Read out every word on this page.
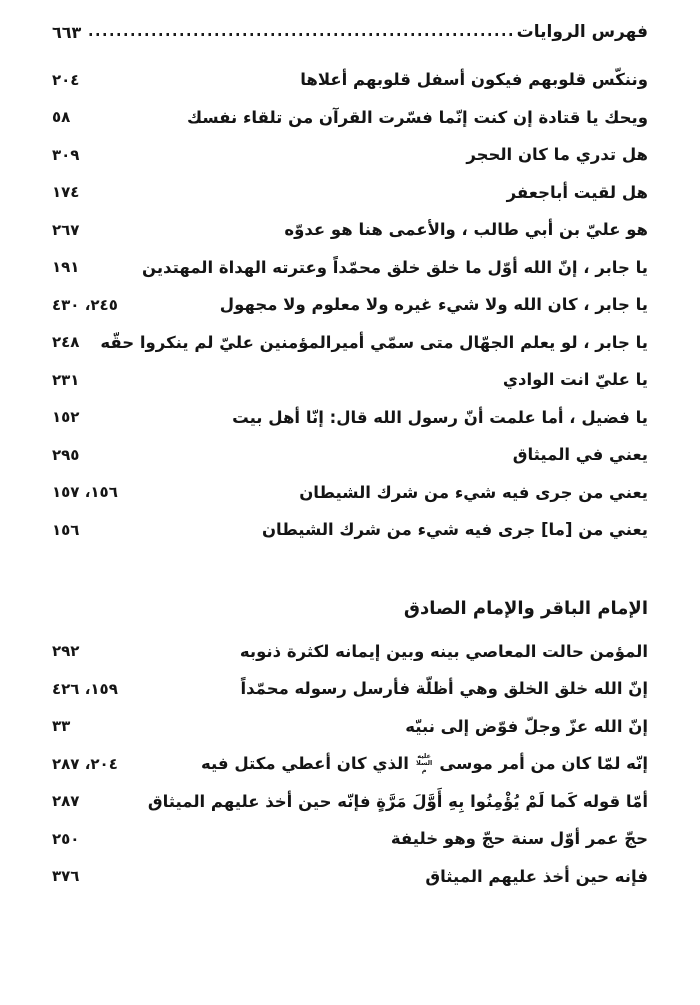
فهرس الروايات
٦٦٣
وننكّس قلوبهم فيكون أسفل قلوبهم أعلاها
٢٠٤
ويحك يا قتادة إن كنت إنّما فسّرت القرآن من تلقاء نفسك
٥٨
هل تدري ما كان الحجر
٣٠٩
هل لقيت أباجعفر
١٧٤
هو عليّ بن أبي طالب ، والأعمى هنا هو عدوّه
٢٦٧
يا جابر ، إنّ الله أوّل ما خلق خلق محمّداً وعترته الهداة المهتدين
١٩١
يا جابر ، كان الله ولا شيء غيره ولا معلوم ولا مجهول
٢٤٥، ٤٣٠
يا جابر ، لو يعلم الجهّال متى سمّي أميرالمؤمنين عليّ لم ينكروا حقّه
٢٤٨
يا عليّ انت الوادي
٢٣١
يا فضيل ، أما علمت أنّ رسول الله قال: إنّا أهل بيت
١٥٢
يعني في الميثاق
٢٩٥
يعني من جرى فيه شيء من شرك الشيطان
١٥٦، ١٥٧
يعني من [ما] جرى فيه شيء من شرك الشيطان
١٥٦
الإمام الباقر والإمام الصادق
المؤمن حالت المعاصي بينه وبين إيمانه لكثرة ذنوبه
٢٩٢
إنّ الله خلق الخلق وهي أظلّة فأرسل رسوله محمّداً
١٥٩، ٤٢٦
إنّ الله عزّ وجلّ فوّض إلى نبيّه
٣٣
إنّه لمّا كان من أمر موسى عليه السلام الذي كان أعطي مكتل فيه
٢٠٤، ٢٨٧
أمّا قوله كَما لَمْ يُؤْمِنُوا بِهِ أَوَّلَ مَرَّةٍ فإنّه حين أخذ عليهم الميثاق
٢٨٧
حجّ عمر أوّل سنة حجّ وهو خليفة
٢٥٠
فإنه حين أخذ عليهم الميثاق
٣٧٦
